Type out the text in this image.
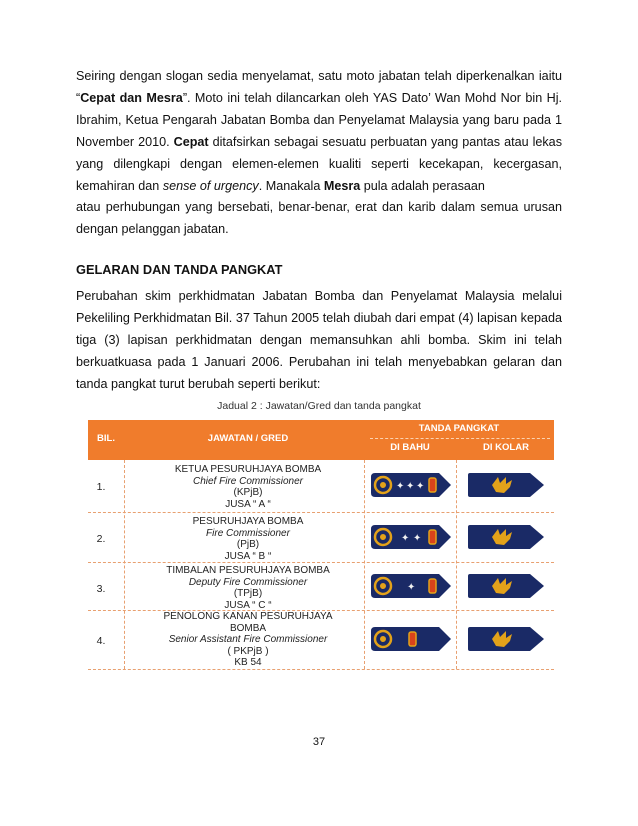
Seiring dengan slogan sedia menyelamat, satu moto jabatan telah diperkenalkan iaitu
“Cepat dan Mesra”. Moto ini telah dilancarkan oleh YAS Dato’ Wan Mohd Nor bin Hj.
Ibrahim, Ketua Pengarah Jabatan Bomba dan Penyelamat Malaysia yang baru pada 1
November 2010. Cepat ditafsirkan sebagai sesuatu perbuatan yang pantas atau lekas
yang dilengkapi dengan elemen-elemen kualiti seperti kecekapan, kecergasan,
kemahiran dan sense of urgency. Manakala Mesra pula adalah perasaan
atau perhubungan yang bersebati, benar-benar, erat dan karib dalam semua urusan
dengan pelanggan jabatan.
GELARAN DAN TANDA PANGKAT
Perubahan skim perkhidmatan Jabatan Bomba dan Penyelamat Malaysia melalui
Pekeliling Perkhidmatan Bil. 37 Tahun 2005 telah diubah dari empat (4) lapisan kepada
tiga (3) lapisan perkhidmatan dengan memansuhkan ahli bomba. Skim ini telah
berkuatkuasa pada 1 Januari 2006. Perubahan ini telah menyebabkan gelaran dan
tanda pangkat turut berubah seperti berikut:
Jadual 2 : Jawatan/Gred dan tanda pangkat
BIL.	JAWATAN / GRED
TANDA PANGKAT
DI BAHU	DI KOLAR
1.
KETUA PESURUHJAYA BOMBA
Chief Fire Commissioner
(KPjB)
JUSA “ A “
2.
PESURUHJAYA BOMBA
Fire Commissioner
(PjB)
JUSA “ B “
3.
TIMBALAN PESURUHJAYA BOMBA
Deputy Fire Commissioner
(TPjB)
JUSA “ C “
4.
PENOLONG KANAN PESURUHJAYA
BOMBA
Senior Assistant Fire Commissioner
( PKPjB )
KB 54
✦ ✦ ✦
✦ ✦
✦
37
